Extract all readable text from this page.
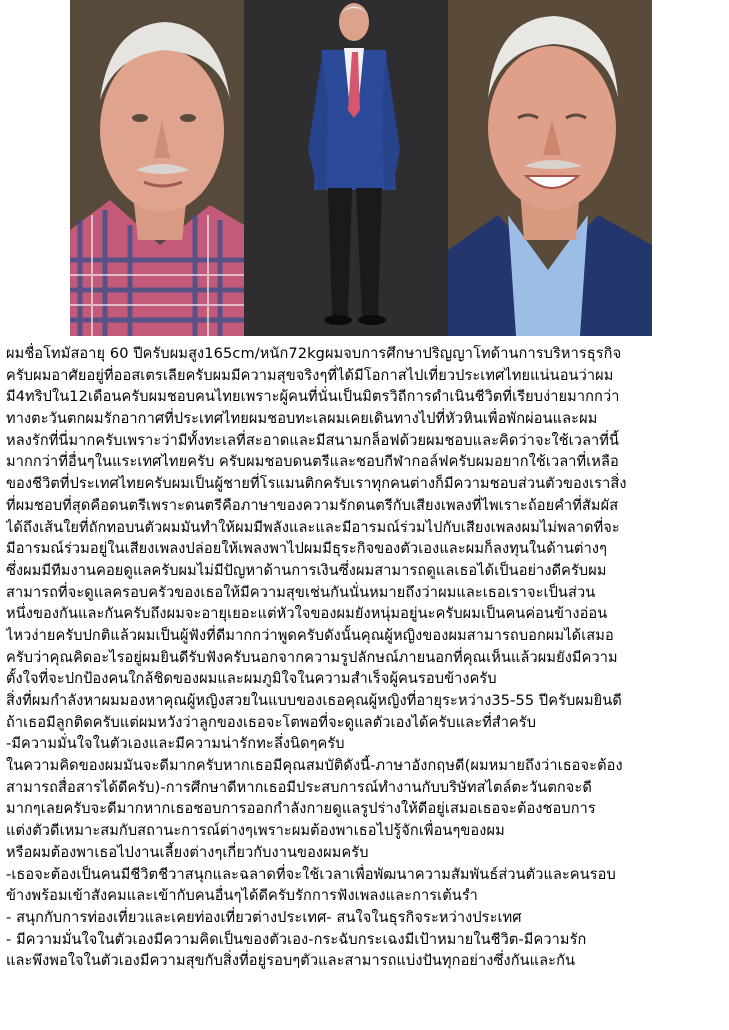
ผมชื่อโทมัสอายุ 60 ปีครับผมสูง165cm/หนัก72kgผมจบการศึกษาปริญญาโทด้านการบริหารธุรกิจ
ครับผมอาศัยอยู่ที่ออสเตรเลียครับผมมีความสุขจริงๆที่ได้มีโอกาสไปเที่ยวประเทศไทยแน่นอนว่าผม
มี4ทริปใน12เดือนครับผมชอบคนไทยเพราะผู้คนที่นั่นเป็นมิตรวิถีการดำเนินชีวิตที่เรียบง่ายมากกว่า
ทางตะวันตกผมรักอากาศที่ประเทศไทยผมชอบทะเลผมเคยเดินทางไปที่หัวหินเพื่อพักผ่อนและผม
หลงรักที่นี่มากครับเพราะว่ามีทั้งทะเลที่สะอาดและมีสนามกล็อฟด้วยผมชอบและคิดว่าจะใช้เวลาที่นี้
มากกว่าที่อื่นๆในแระเทศไทยครับ ครับผมชอบดนตรีและชอบกีฬากอล์ฟครับผมอยากใช้เวลาที่เหลือ
ของชีวิตที่ประเทศไทยครับผมเป็นผู้ชายที่โรแมนติกครับเราทุกคนต่างก็มีความชอบส่วนตัวของเราสิ่ง
ที่ผมชอบที่สุดคือดนตรีเพราะดนตรีคือภาษาของความรักดนตรีกับเสียงเพลงที่ไพเราะถ้อยคำที่สัมผัส
ได้ถึงเส้นใยที่ถักทอบนตัวผมมันทำให้ผมมีพลังและและมีอารมณ์ร่วมไปกับเสียงเพลงผมไม่พลาดที่จะ
มีอารมณ์ร่วมอยู่ในเสียงเพลงปล่อยให้เพลงพาไปผมมีธุระกิจของตัวเองและผมก็ลงทุนในด้านต่างๆ
ซึ่งผมมีทีมงานคอยดูแลครับผมไม่มีปัญหาด้านการเงินซึ่งผมสามารถดูแลเธอได้เป็นอย่างดีครับผม
สามารถที่จะดูแลครอบครัวของเธอให้มีความสุขเช่นกันนั่นหมายถึงว่าผมและเธอเราจะเป็นส่วน
หนึ่งของกันและกันครับถึงผมจะอายุเยอะแต่หัวใจของผมยังหนุ่มอยู่นะครับผมเป็นคนค่อนข้างอ่อน
ไหวง่ายครับปกติแล้วผมเป็นผู้ฟังที่ดีมากกว่าพูดครับดังนั้นคุณผู้หญิงของผมสามารถบอกผมได้เสมอ
ครับว่าคุณคิดอะไรอยู่ผมยินดีรับฟังครับนอกจากความรูปลักษณ์ภายนอกที่คุณเห็นแล้วผมยังมีความ
ตั้งใจที่จะปกป้องคนใกล้ชิดของผมและผมภูมิใจในความสำเร็จผู้คนรอบข้างครับ
สิ่งที่ผมกำลังหาผมมองหาคุณผู้หญิงสวยในแบบของเธอคุณผู้หญิงที่อายุระหว่าง35-55 ปีครับผมยินดี
ถ้าเธอมีลูกติดครับแต่ผมหวังว่าลูกของเธอจะโตพอที่จะดูแลตัวเองได้ครับและที่สำครับ
-มีความมั่นใจในตัวเองและมีความน่ารักทะลึ่งนิดๆครับ
ในความคิดของผมมันจะดีมากครับหากเธอมีคุณสมบัติดังนี้-ภาษาอังกฤษดี(ผมหมายถึงว่าเธอจะต้อง
สามารถสื่อสารได้ดีครับ)-การศึกษาดีหากเธอมีประสบการณ์ทำงานกับบริษัทสไตล์ตะวันตกจะดี
มากๆเลยครับจะดีมากหากเธอชอบการออกกำลังกายดูแลรูปร่างให้ดีอยู่เสมอเธอจะต้องชอบการ
แต่งตัวดีเหมาะสมกับสถานะการณ์ต่างๆเพราะผมต้องพาเธอไปรู้จักเพื่อนๆของผม
หรือผมต้องพาเธอไปงานเลี้ยงต่างๆเกี่ยวกับงานของผมครับ
-เธอจะต้องเป็นคนมีชีวิตชีวาสนุกและฉลาดที่จะใช้เวลาเพื่อพัฒนาความสัมพันธ์ส่วนตัวและคนรอบ
ข้างพร้อมเข้าสังคมและเข้ากับคนอื่นๆได้ดีครับรักการฟังเพลงและการเต้นรำ
- สนุกกับการท่องเที่ยวและเคยท่องเที่ยวต่างประเทศ- สนใจในธุรกิจระหว่างประเทศ
- มีความมั่นใจในตัวเองมีความคิดเป็นของตัวเอง-กระฉับกระเฉงมีเป้าหมายในชีวิต-มีความรัก
และพึงพอใจในตัวเองมีความสุขกับสิ่งที่อยู่รอบๆตัวและสามารถแบ่งปันทุกอย่างซึ่งกันและกัน
